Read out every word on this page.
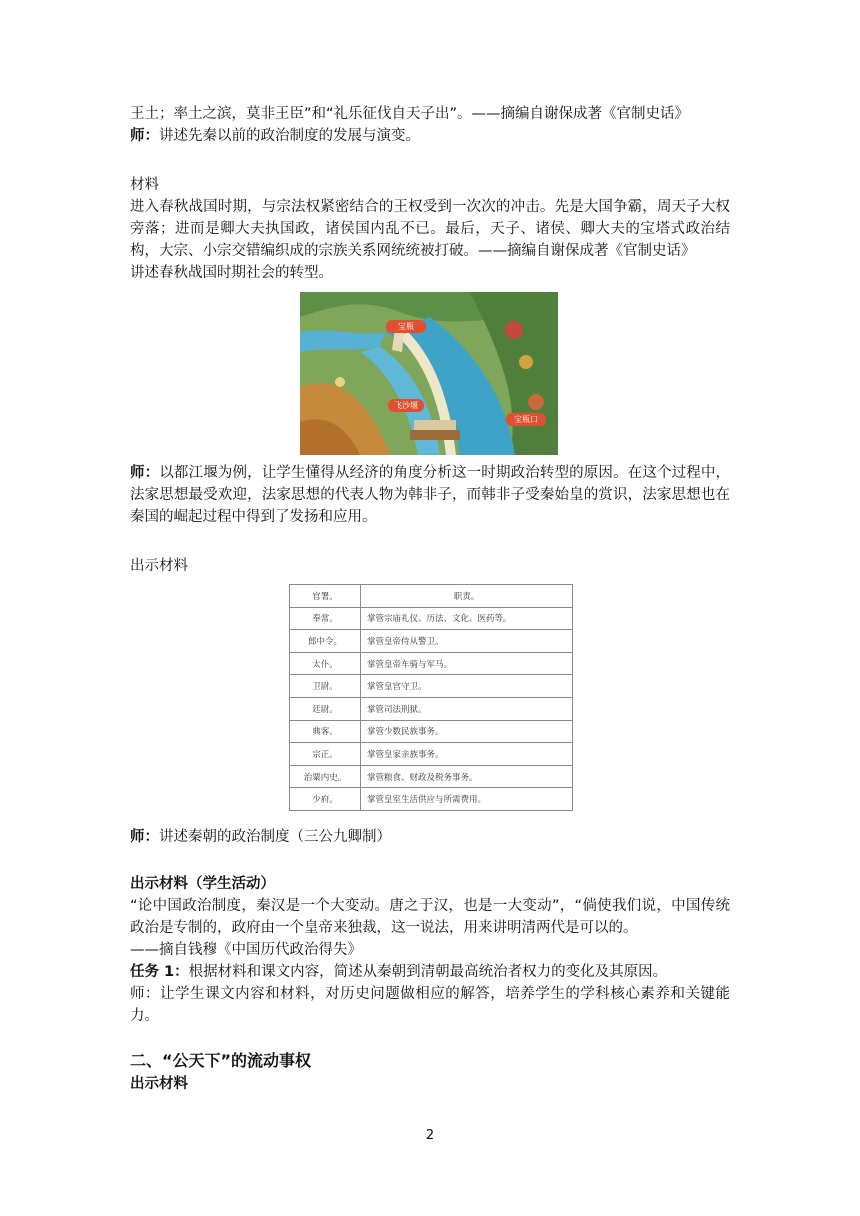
王土；率土之滨，莫非王臣”和“礼乐征伐自天子出”。——摘编自谢保成著《官制史话》
师：讲述先秦以前的政治制度的发展与演变。
材料
进入春秋战国时期，与宗法权紧密结合的王权受到一次次的冲击。先是大国争霸，周天子大权旁落；进而是卿大夫执国政，诸侯国内乱不已。最后，天子、诸侯、卿大夫的宝塔式政治结构，大宗、小宗交错编织成的宗族关系网统统被打破。——摘编自谢保成著《官制史话》
讲述春秋战国时期社会的转型。
宝瓶
飞沙堰
宝瓶口
师：以都江堰为例，让学生懂得从经济的角度分析这一时期政治转型的原因。在这个过程中，法家思想最受欢迎，法家思想的代表人物为韩非子，而韩非子受秦始皇的赏识，法家思想也在秦国的崛起过程中得到了发扬和应用。
出示材料
官署。	职责。
奉常。	掌管宗庙礼仪、历法、文化、医药等。
郎中令。	掌管皇帝侍从警卫。
太仆。	掌管皇帝车骑与军马。
卫尉。	掌管皇宫守卫。
廷尉。	掌管司法刑狱。
典客。	掌管少数民族事务。
宗正。	掌管皇家亲族事务。
治粟内史。	掌管粮食、财政及税务事务。
少府。	掌管皇室生活供应与所需费用。
师：讲述秦朝的政治制度（三公九卿制）
出示材料（学生活动）
“论中国政治制度，秦汉是一个大变动。唐之于汉，也是一大变动”，“倘使我们说，中国传统政治是专制的，政府由一个皇帝来独裁，这一说法，用来讲明清两代是可以的。
——摘自钱穆《中国历代政治得失》
任务 1：根据材料和课文内容，简述从秦朝到清朝最高统治者权力的变化及其原因。
师：让学生课文内容和材料，对历史问题做相应的解答，培养学生的学科核心素养和关键能力。
二、“公天下”的流动事权
出示材料
2
